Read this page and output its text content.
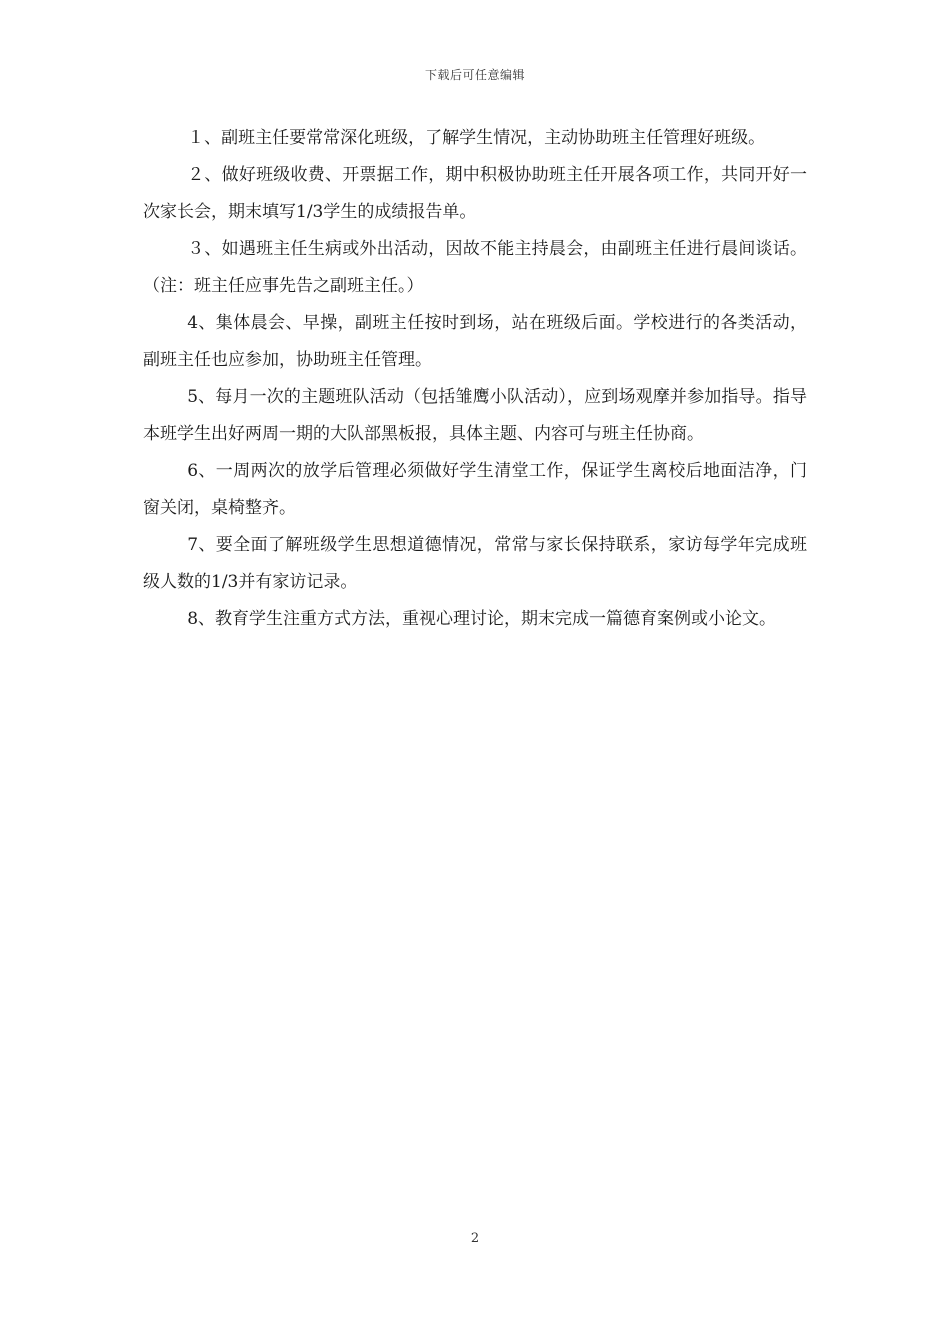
下载后可任意编辑

１、副班主任要常常深化班级，了解学生情况，主动协助班主任管理好班级。

２、做好班级收费、开票据工作，期中积极协助班主任开展各项工作，共同开好一次家长会，期末填写1/3学生的成绩报告单。

３、如遇班主任生病或外出活动，因故不能主持晨会，由副班主任进行晨间谈话。（注：班主任应事先告之副班主任。）

4、集体晨会、早操，副班主任按时到场，站在班级后面。学校进行的各类活动，副班主任也应参加，协助班主任管理。

5、每月一次的主题班队活动（包括雏鹰小队活动），应到场观摩并参加指导。指导本班学生出好两周一期的大队部黑板报，具体主题、内容可与班主任协商。

6、一周两次的放学后管理必须做好学生清堂工作，保证学生离校后地面洁净，门窗关闭，桌椅整齐。

7、要全面了解班级学生思想道德情况，常常与家长保持联系，家访每学年完成班级人数的1/3并有家访记录。

8、教育学生注重方式方法，重视心理讨论，期末完成一篇德育案例或小论文。

2
